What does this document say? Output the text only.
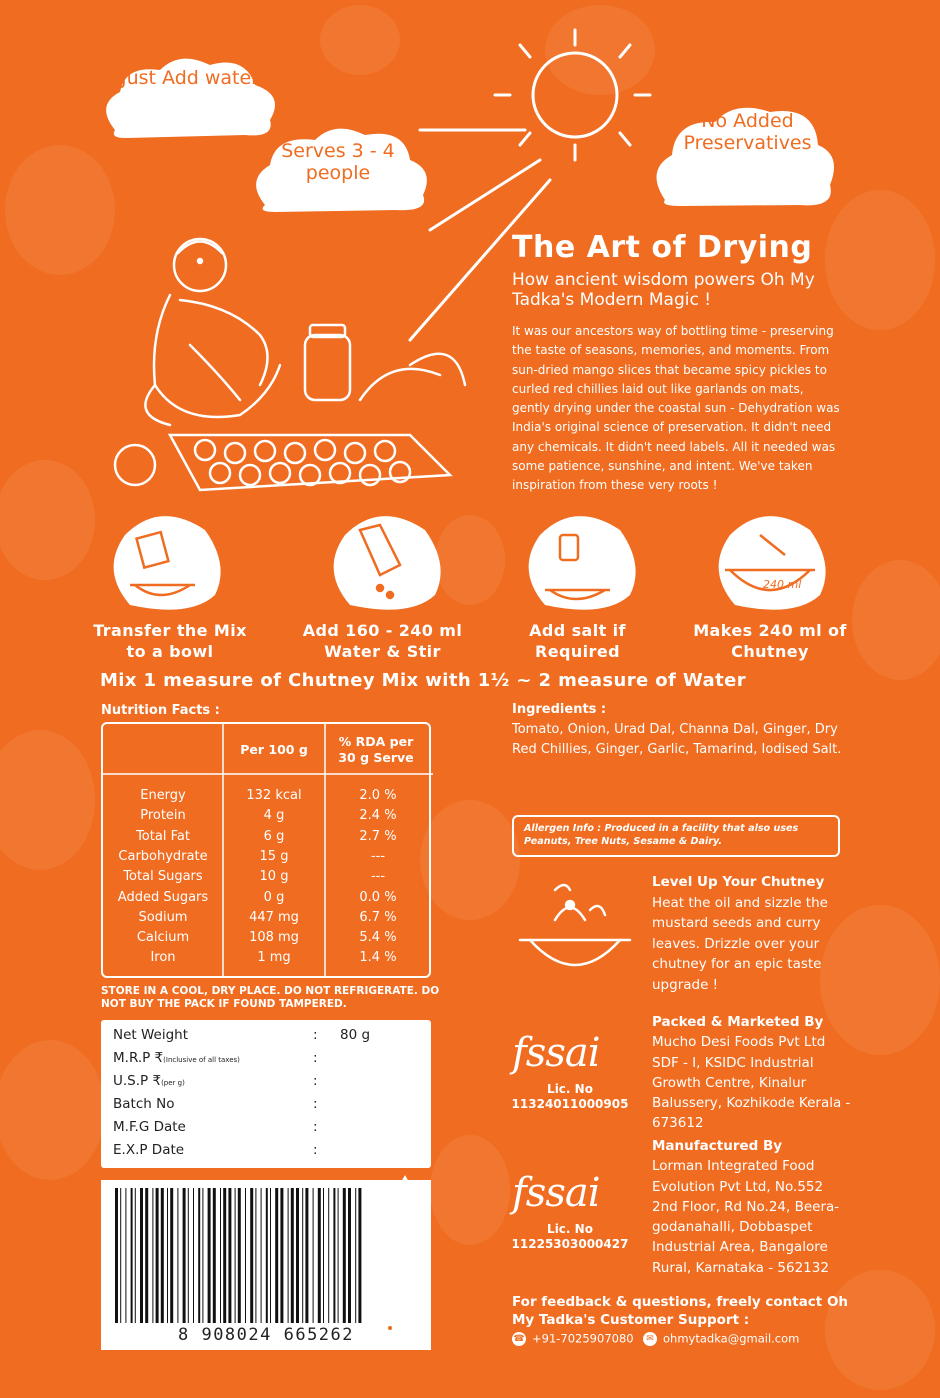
Just Add water
Serves 3 - 4 people
No Added Preservatives
The Art of Drying
How ancient wisdom powers Oh My Tadka's Modern Magic !
It was our ancestors way of bottling time - preserving the taste of seasons, memories, and moments. From sun-dried mango slices that became spicy pickles to curled red chillies laid out like garlands on mats, gently drying under the coastal sun - Dehydration was India's original science of preservation. It didn't need any chemicals. It didn't need labels. All it needed was some patience, sunshine, and intent. We've taken inspiration from these very roots !
240 ml
Transfer the Mix to a bowl
Add 160 - 240 ml Water & Stir
Add salt if Required
Makes 240 ml of Chutney
Mix 1 measure of Chutney Mix with 1½ ~ 2 measure of Water
Nutrition Facts :
Per 100 g
% RDA per 30 g Serve
Energy	132 kcal	2.0 %
Protein	4 g	2.4 %
Total Fat	6 g	2.7 %
Carbohydrate	15 g	---
Total Sugars	10 g	---
Added Sugars	0 g	0.0 %
Sodium	447 mg	6.7 %
Calcium	108 mg	5.4 %
Iron	1 mg	1.4 %
Ingredients :
Tomato, Onion, Urad Dal, Channa Dal, Ginger, Dry Red Chillies, Ginger, Garlic, Tamarind, Iodised Salt.
Allergen Info : Produced in a facility that also uses Peanuts, Tree Nuts, Sesame & Dairy.
Level Up Your Chutney
Heat the oil and sizzle the mustard seeds and curry leaves. Drizzle over your chutney for an epic taste upgrade !
STORE IN A COOL, DRY PLACE. DO NOT REFRIGERATE. DO NOT BUY THE PACK IF FOUND TAMPERED.
Net Weight	: 80 g
M.R.P ₹(Inclusive of all taxes)	:
U.S.P ₹(per g)	:
Batch No	:
M.F.G Date	:
E.X.P Date	:
8 908024 665262
5
fssai
Lic. No
11324011000905
Packed & Marketed By
Mucho Desi Foods Pvt Ltd SDF - I, KSIDC Industrial Growth Centre, Kinalur Balussery, Kozhikode Kerala - 673612
fssai
Lic. No
11225303000427
Manufactured By
Lorman Integrated Food Evolution Pvt Ltd, No.552 2nd Floor, Rd No.24, Beera-godanahalli, Dobbaspet Industrial Area, Bangalore Rural, Karnataka - 562132
For feedback & questions, freely contact Oh My Tadka's Customer Support :
☎ +91-7025907080	✉ ohmytadka@gmail.com
